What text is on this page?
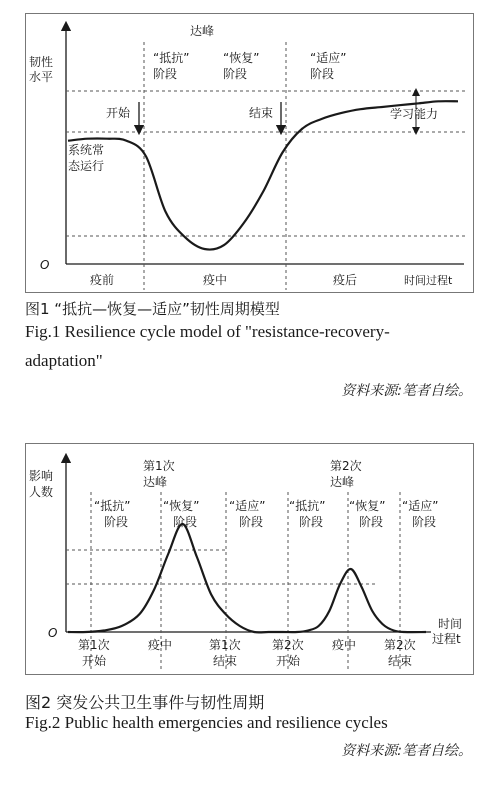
韧性
水平
O
达峰
“抵抗”
阶段
“恢复”
阶段
“适应”
阶段
开始	结束
系统常
态运行
学习能力
疫前	疫中	疫后	时间过程t
图1 “抵抗—恢复—适应”韧性周期模型
Fig.1 Resilience cycle model of "resistance-recovery-
adaptation"
资料来源:笔者自绘。
影响
人数
O
第1次
达峰
第2次
达峰
“抵抗”
阶段
“恢复”
阶段
“适应”
阶段
“抵抗”
阶段
“恢复”
阶段
“适应”
阶段
时间
过程t
第1次
开始
疫中	第1次
结束
第2次
开始
疫中 第2次
结束
图2 突发公共卫生事件与韧性周期
Fig.2 Public health emergencies and resilience cycles
资料来源:笔者自绘。
